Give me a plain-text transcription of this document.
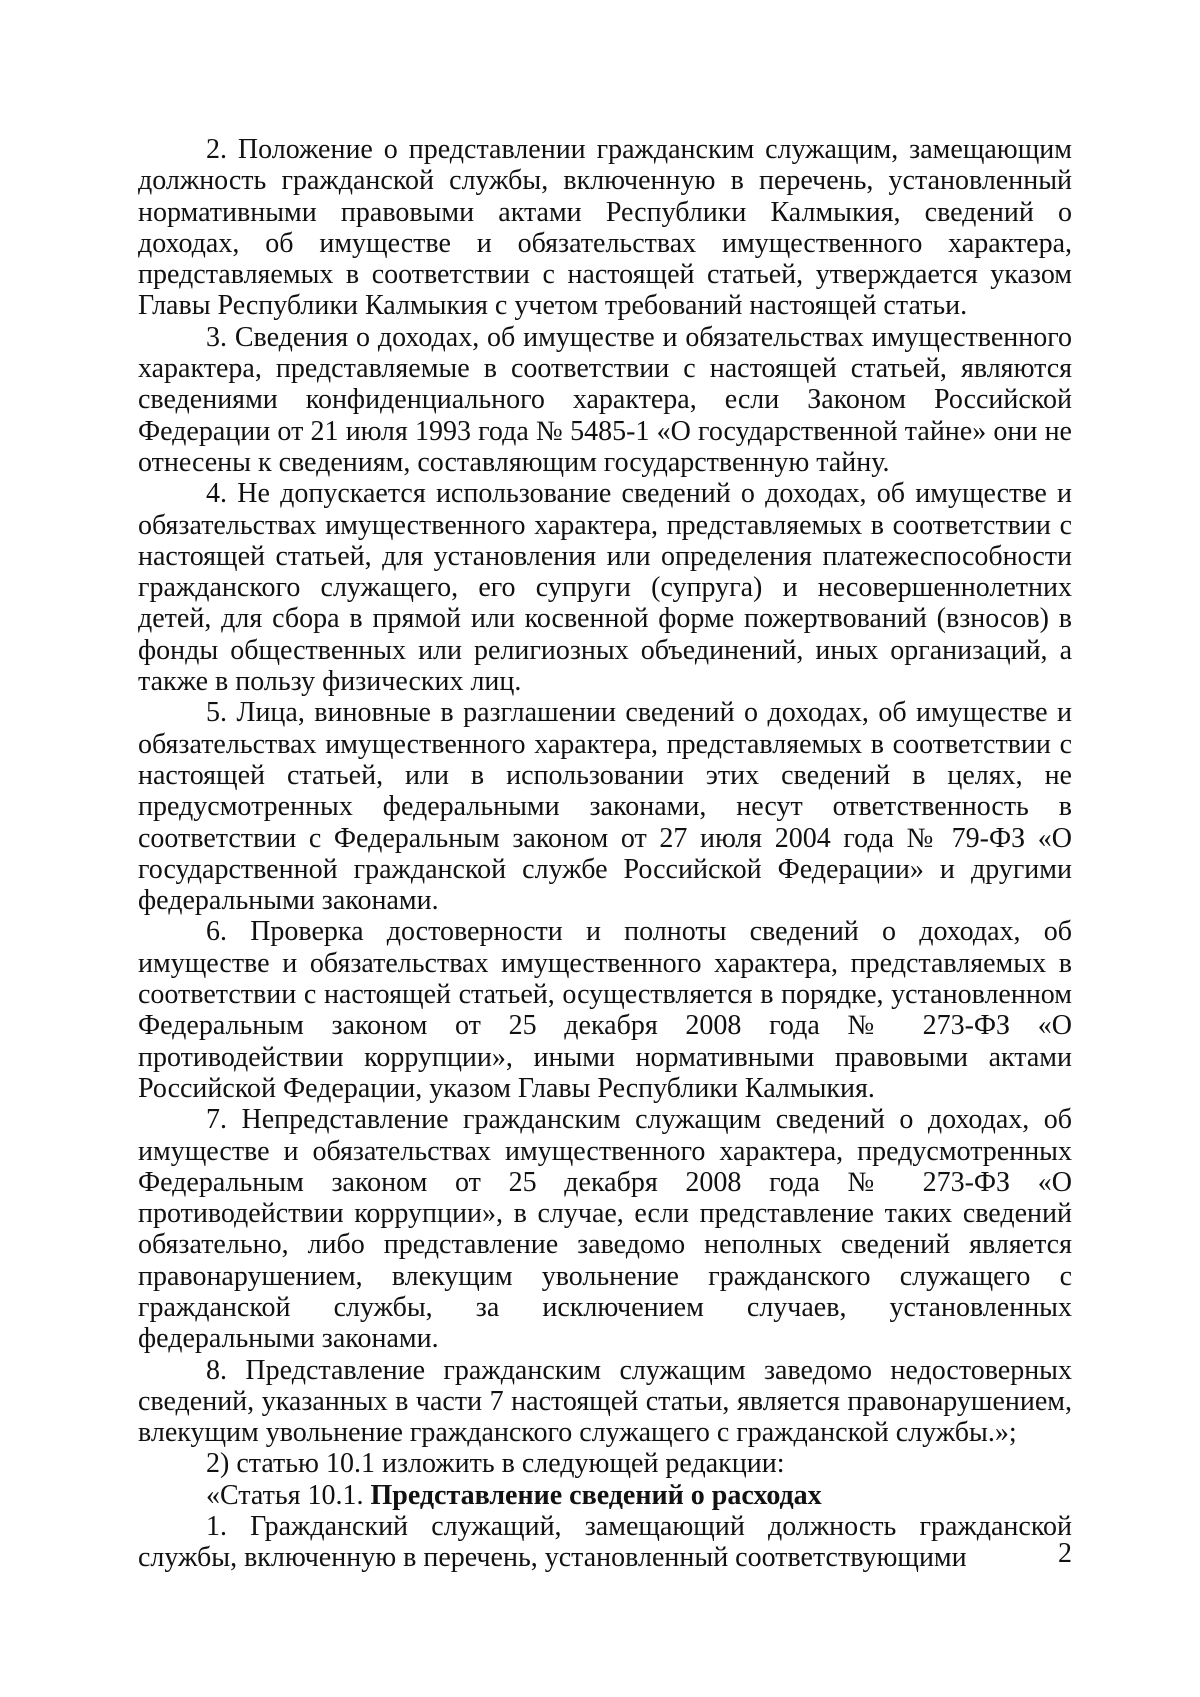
2. Положение о представлении гражданским служащим, замещающим должность гражданской службы, включенную в перечень, установленный нормативными правовыми актами Республики Калмыкия, сведений о доходах, об имуществе и обязательствах имущественного характера, представляемых в соответствии с настоящей статьей, утверждается указом Главы Республики Калмыкия с учетом требований настоящей статьи.

3. Сведения о доходах, об имуществе и обязательствах имущественного характера, представляемые в соответствии с настоящей статьей, являются сведениями конфиденциального характера, если Законом Российской Федерации от 21 июля 1993 года № 5485-1 «О государственной тайне» они не отнесены к сведениям, составляющим государственную тайну.

4. Не допускается использование сведений о доходах, об имуществе и обязательствах имущественного характера, представляемых в соответствии с настоящей статьей, для установления или определения платежеспособности гражданского служащего, его супруги (супруга) и несовершеннолетних детей, для сбора в прямой или косвенной форме пожертвований (взносов) в фонды общественных или религиозных объединений, иных организаций, а также в пользу физических лиц.

5. Лица, виновные в разглашении сведений о доходах, об имуществе и обязательствах имущественного характера, представляемых в соответствии с настоящей статьей, или в использовании этих сведений в целях, не предусмотренных федеральными законами, несут ответственность в соответствии с Федеральным законом от 27 июля 2004 года № 79-ФЗ «О государственной гражданской службе Российской Федерации» и другими федеральными законами.

6. Проверка достоверности и полноты сведений о доходах, об имуществе и обязательствах имущественного характера, представляемых в соответствии с настоящей статьей, осуществляется в порядке, установленном Федеральным законом от 25 декабря 2008 года № 273-ФЗ «О противодействии коррупции», иными нормативными правовыми актами Российской Федерации, указом Главы Республики Калмыкия.

7. Непредставление гражданским служащим сведений о доходах, об имуществе и обязательствах имущественного характера, предусмотренных Федеральным законом от 25 декабря 2008 года № 273-ФЗ «О противодействии коррупции», в случае, если представление таких сведений обязательно, либо представление заведомо неполных сведений является правонарушением, влекущим увольнение гражданского служащего с гражданской службы, за исключением случаев, установленных федеральными законами.

8. Представление гражданским служащим заведомо недостоверных сведений, указанных в части 7 настоящей статьи, является правонарушением, влекущим увольнение гражданского служащего с гражданской службы.»;

2) статью 10.1 изложить в следующей редакции:

«Статья 10.1. Представление сведений о расходах

1. Гражданский служащий, замещающий должность гражданской службы, включенную в перечень, установленный соответствующими	2
